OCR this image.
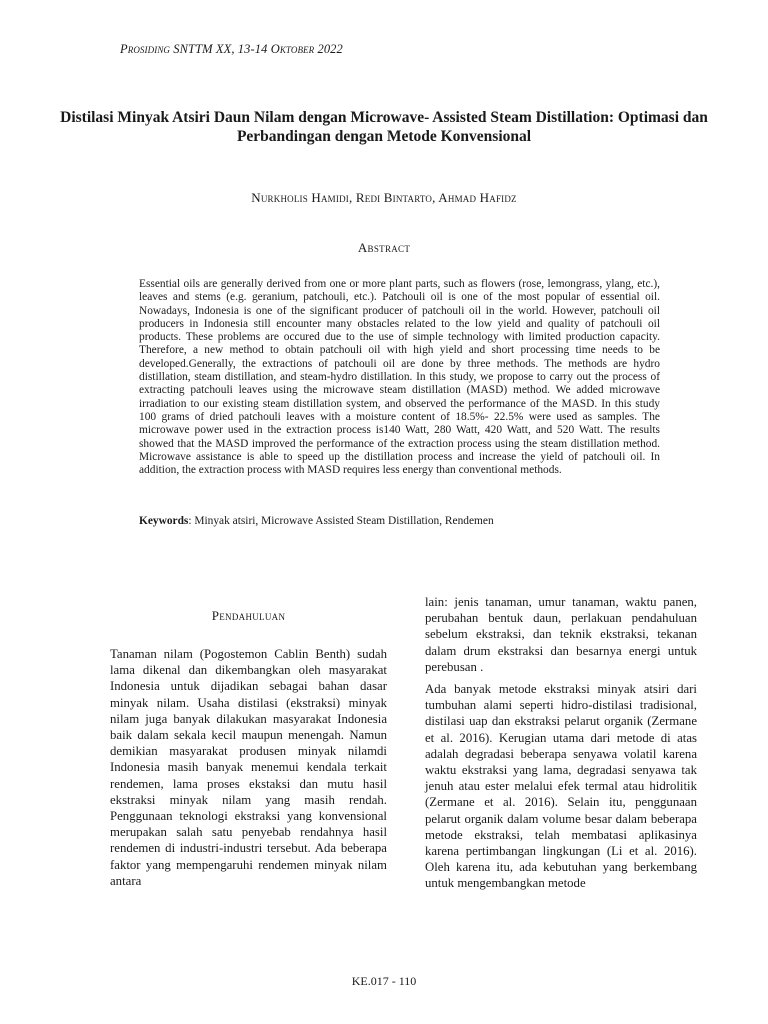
Prosiding SNTTM XX, 13-14 Oktober 2022
Distilasi Minyak Atsiri Daun Nilam dengan Microwave- Assisted Steam Distillation: Optimasi dan Perbandingan dengan Metode Konvensional
Nurkholis Hamidi, Redi Bintarto, Ahmad Hafidz
Abstract

Essential oils are generally derived from one or more plant parts, such as flowers (rose, lemongrass, ylang, etc.), leaves and stems (e.g. geranium, patchouli, etc.). Patchouli oil is one of the most popular of essential oil. Nowadays, Indonesia is one of the significant producer of patchouli oil in the world. However, patchouli oil producers in Indonesia still encounter many obstacles related to the low yield and quality of patchouli oil products. These problems are occured due to the use of simple technology with limited production capacity. Therefore, a new method to obtain patchouli oil with high yield and short processing time needs to be developed.Generally, the extractions of patchouli oil are done by three methods. The methods are hydro distillation, steam distillation, and steam-hydro distillation. In this study, we propose to carry out the process of extracting patchouli leaves using the microwave steam distillation (MASD) method. We added microwave irradiation to our existing steam distillation system, and observed the performance of the MASD. In this study 100 grams of dried patchouli leaves with a moisture content of 18.5%- 22.5% were used as samples. The microwave power used in the extraction process is140 Watt, 280 Watt, 420 Watt, and 520 Watt. The results showed that the MASD improved the performance of the extraction process using the steam distillation method. Microwave assistance is able to speed up the distillation process and increase the yield of patchouli oil. In addition, the extraction process with MASD requires less energy than conventional methods.

Keywords: Minyak atsiri, Microwave Assisted Steam Distillation, Rendemen

Pendahuluan

Tanaman nilam (Pogostemon Cablin Benth) sudah lama dikenal dan dikembangkan oleh masyarakat Indonesia untuk dijadikan sebagai bahan dasar minyak nilam. Usaha distilasi (ekstraksi) minyak nilam juga banyak dilakukan masyarakat Indonesia baik dalam sekala kecil maupun menengah. Namun demikian masyarakat produsen minyak nilamdi Indonesia masih banyak menemui kendala terkait rendemen, lama proses ekstaksi dan mutu hasil ekstraksi minyak nilam yang masih rendah. Penggunaan teknologi ekstraksi yang konvensional merupakan salah satu penyebab rendahnya hasil rendemen di industri-industri tersebut. Ada beberapa faktor yang mempengaruhi rendemen minyak nilam antara

lain: jenis tanaman, umur tanaman, waktu panen, perubahan bentuk daun, perlakuan pendahuluan sebelum ekstraksi, dan teknik ekstraksi, tekanan dalam drum ekstraksi dan besarnya energi untuk perebusan .

Ada banyak metode ekstraksi minyak atsiri dari tumbuhan alami seperti hidro-distilasi tradisional, distilasi uap dan ekstraksi pelarut organik (Zermane et al. 2016). Kerugian utama dari metode di atas adalah degradasi beberapa senyawa volatil karena waktu ekstraksi yang lama, degradasi senyawa tak jenuh atau ester melalui efek termal atau hidrolitik (Zermane et al. 2016). Selain itu, penggunaan pelarut organik dalam volume besar dalam beberapa metode ekstraksi, telah membatasi aplikasinya karena pertimbangan lingkungan (Li et al. 2016). Oleh karena itu, ada kebutuhan yang berkembang untuk mengembangkan metode

KE.017 - 110
